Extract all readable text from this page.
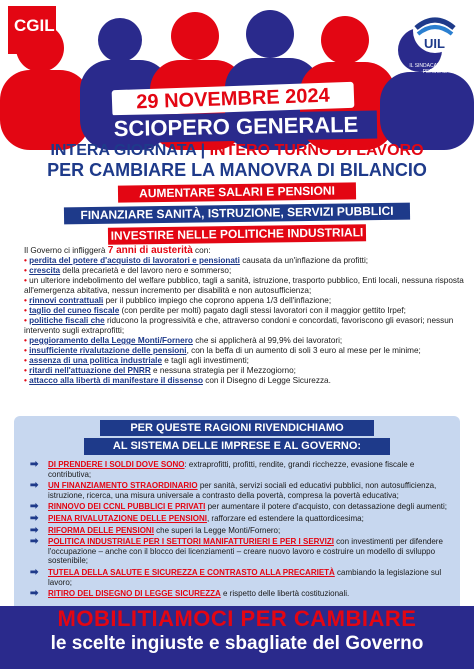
CGIL
UIL
IL SINDACATO DELLE PERSONE
29 NOVEMBRE 2024
SCIOPERO GENERALE
INTERA GIORNATA | INTERO TURNO DI LAVORO
PER CAMBIARE LA MANOVRA DI BILANCIO
AUMENTARE SALARI E PENSIONI
FINANZIARE SANITÀ, ISTRUZIONE, SERVIZI PUBBLICI
INVESTIRE NELLE POLITICHE INDUSTRIALI

Il Governo ci infliggerà 7 anni di austerità con:

• perdita del potere d'acquisto di lavoratori e pensionati causata da un'inflazione da profitti;

• crescita della precarietà e del lavoro nero e sommerso;

• un ulteriore indebolimento del welfare pubblico, tagli a sanità, istruzione, trasporto pubblico, Enti locali, nessuna risposta all'emergenza abitativa, nessun incremento per disabilità e non autosufficienza;

• rinnovi contrattuali per il pubblico impiego che coprono appena 1/3 dell'inflazione;

• taglio del cuneo fiscale (con perdite per molti) pagato dagli stessi lavoratori con il maggior gettito Irpef;

• politiche fiscali che riducono la progressività e che, attraverso condoni e concordati, favoriscono gli evasori; nessun intervento sugli extraprofitti;

• peggioramento della Legge Monti/Fornero che si applicherà al 99,9% dei lavoratori;

• insufficiente rivalutazione delle pensioni, con la beffa di un aumento di soli 3 euro al mese per le minime;

• assenza di una politica industriale e tagli agli investimenti;

• ritardi nell'attuazione del PNRR e nessuna strategia per il Mezzogiorno;

• attacco alla libertà di manifestare il dissenso con il Disegno di Legge Sicurezza.

PER QUESTE RAGIONI RIVENDICHIAMO
AL SISTEMA DELLE IMPRESE E AL GOVERNO:
➡ DI PRENDERE I SOLDI DOVE SONO: extraprofitti, profitti, rendite, grandi ricchezze, evasione fiscale e contributiva;
➡ UN FINANZIAMENTO STRAORDINARIO per sanità, servizi sociali ed educativi pubblici, non autosufficienza, istruzione, ricerca, una misura universale a contrasto della povertà, compresa la povertà educativa;
➡ RINNOVO DEI CCNL PUBBLICI E PRIVATI per aumentare il potere d'acquisto, con detassazione degli aumenti;
➡ PIENA RIVALUTAZIONE DELLE PENSIONI, rafforzare ed estendere la quattordicesima;
➡ RIFORMA DELLE PENSIONI che superi la Legge Monti/Fornero;
➡ POLITICA INDUSTRIALE PER I SETTORI MANIFATTURIERI E PER I SERVIZI con investimenti per difendere l'occupazione – anche con il blocco dei licenziamenti – creare nuovo lavoro e costruire un modello di sviluppo sostenibile;
➡ TUTELA DELLA SALUTE E SICUREZZA E CONTRASTO ALLA PRECARIETÀ cambiando la legislazione sul lavoro;
➡ RITIRO DEL DISEGNO DI LEGGE SICUREZZA e rispetto delle libertà costituzionali.
MOBILITIAMOCI PER CAMBIARE
le scelte ingiuste e sbagliate del Governo
